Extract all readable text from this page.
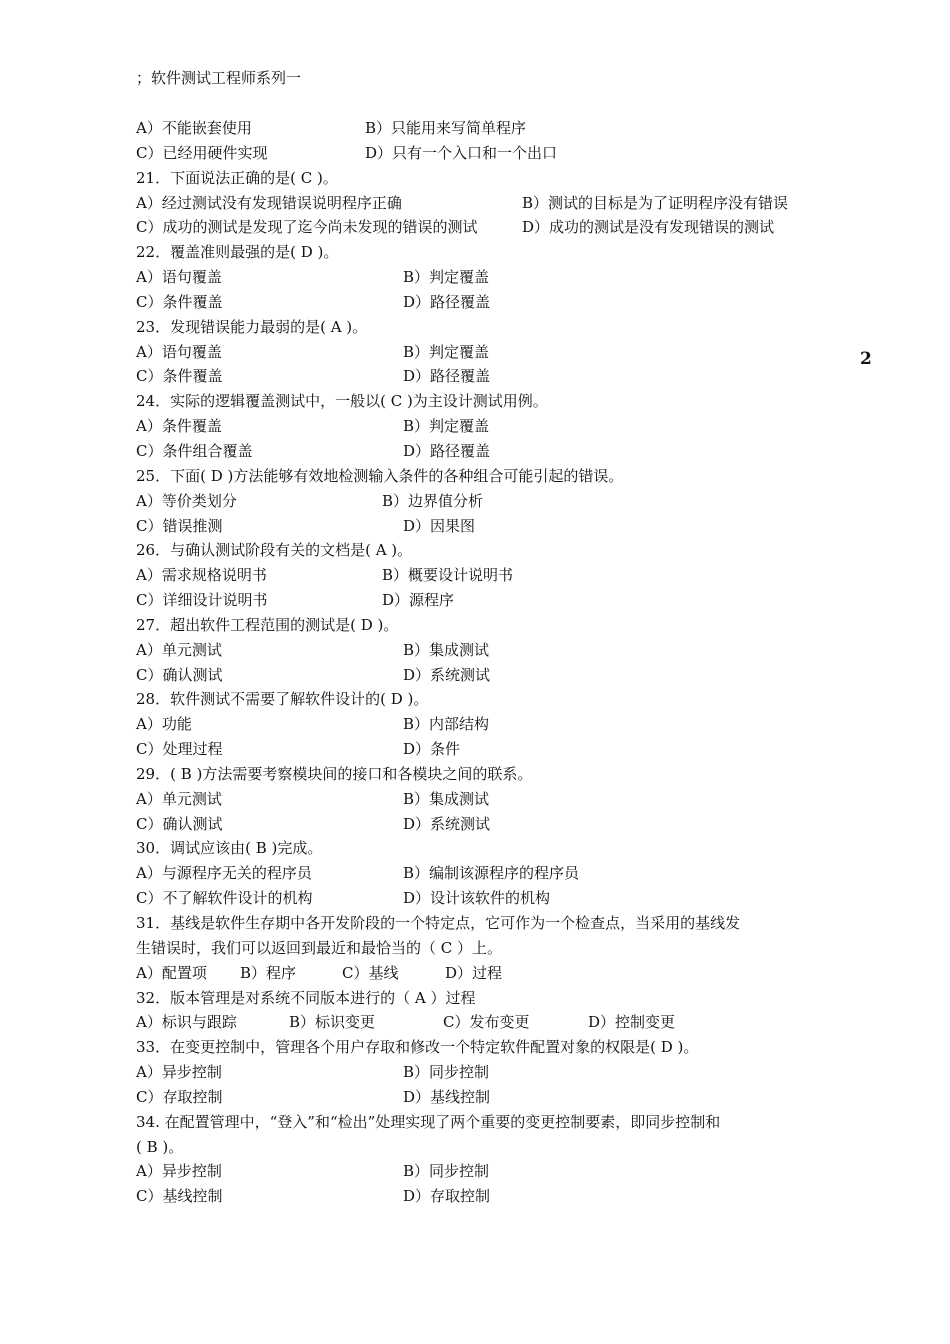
；软件测试工程师系列一
2
A）不能嵌套使用	B）只能用来写简单程序
C）已经用硬件实现	D）只有一个入口和一个出口
21．下面说法正确的是( C )。
A）经过测试没有发现错误说明程序正确	B）测试的目标是为了证明程序没有错误
C）成功的测试是发现了迄今尚未发现的错误的测试	D）成功的测试是没有发现错误的测试
22．覆盖准则最强的是( D )。
A）语句覆盖	B）判定覆盖
C）条件覆盖	D）路径覆盖
23．发现错误能力最弱的是( A )。
A）语句覆盖	B）判定覆盖
C）条件覆盖	D）路径覆盖
24．实际的逻辑覆盖测试中，一般以( C )为主设计测试用例。
A）条件覆盖	B）判定覆盖
C）条件组合覆盖	D）路径覆盖
25．下面( D )方法能够有效地检测输入条件的各种组合可能引起的错误。
A）等价类划分	B）边界值分析
C）错误推测	D）因果图
26．与确认测试阶段有关的文档是( A )。
A）需求规格说明书	B）概要设计说明书
C）详细设计说明书	D）源程序
27．超出软件工程范围的测试是( D )。
A）单元测试	B）集成测试
C）确认测试	D）系统测试
28．软件测试不需要了解软件设计的( D )。
A）功能	B）内部结构
C）处理过程	D）条件
29．( B )方法需要考察模块间的接口和各模块之间的联系。
A）单元测试	B）集成测试
C）确认测试	D）系统测试
30．调试应该由( B )完成。
A）与源程序无关的程序员	B）编制该源程序的程序员
C）不了解软件设计的机构	D）设计该软件的机构
31．基线是软件生存期中各开发阶段的一个特定点，它可作为一个检查点，当采用的基线发
生错误时，我们可以返回到最近和最恰当的（ C ）上。
A）配置项 B）程序	C）基线	D）过程
32．版本管理是对系统不同版本进行的（ A ）过程
A）标识与跟踪	B）标识变更	C）发布变更	D）控制变更
33．在变更控制中，管理各个用户存取和修改一个特定软件配置对象的权限是( D )。
A）异步控制	B）同步控制
C）存取控制	D）基线控制
34. 在配置管理中，“登入”和“检出”处理实现了两个重要的变更控制要素，即同步控制和
( B )。
A）异步控制	B）同步控制
C）基线控制	D）存取控制
